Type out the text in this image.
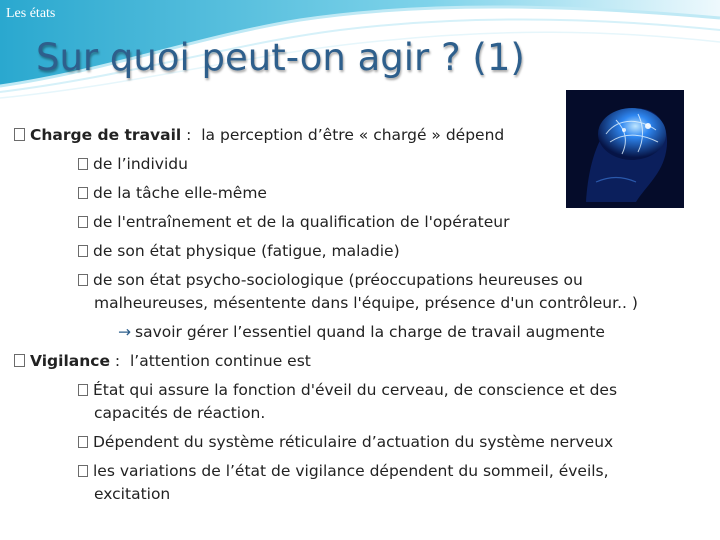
Les états
Sur quoi peut-on agir ? (1)
Charge de travail : la perception d’être « chargé » dépend
de l’individu
de la tâche elle-même
de l'entraînement et de la qualification de l'opérateur
de son état physique (fatigue, maladie)
de son état psycho-sociologique (préoccupations heureuses ou
malheureuses, mésentente dans l'équipe, présence d'un contrôleur.. )
→ savoir gérer l’essentiel quand la charge de travail augmente
Vigilance : l’attention continue est
État qui assure la fonction d'éveil du cerveau, de conscience et des
capacités de réaction.
Dépendent du système réticulaire d’actuation du système nerveux
les variations de l’état de vigilance dépendent du sommeil, éveils,
excitation
